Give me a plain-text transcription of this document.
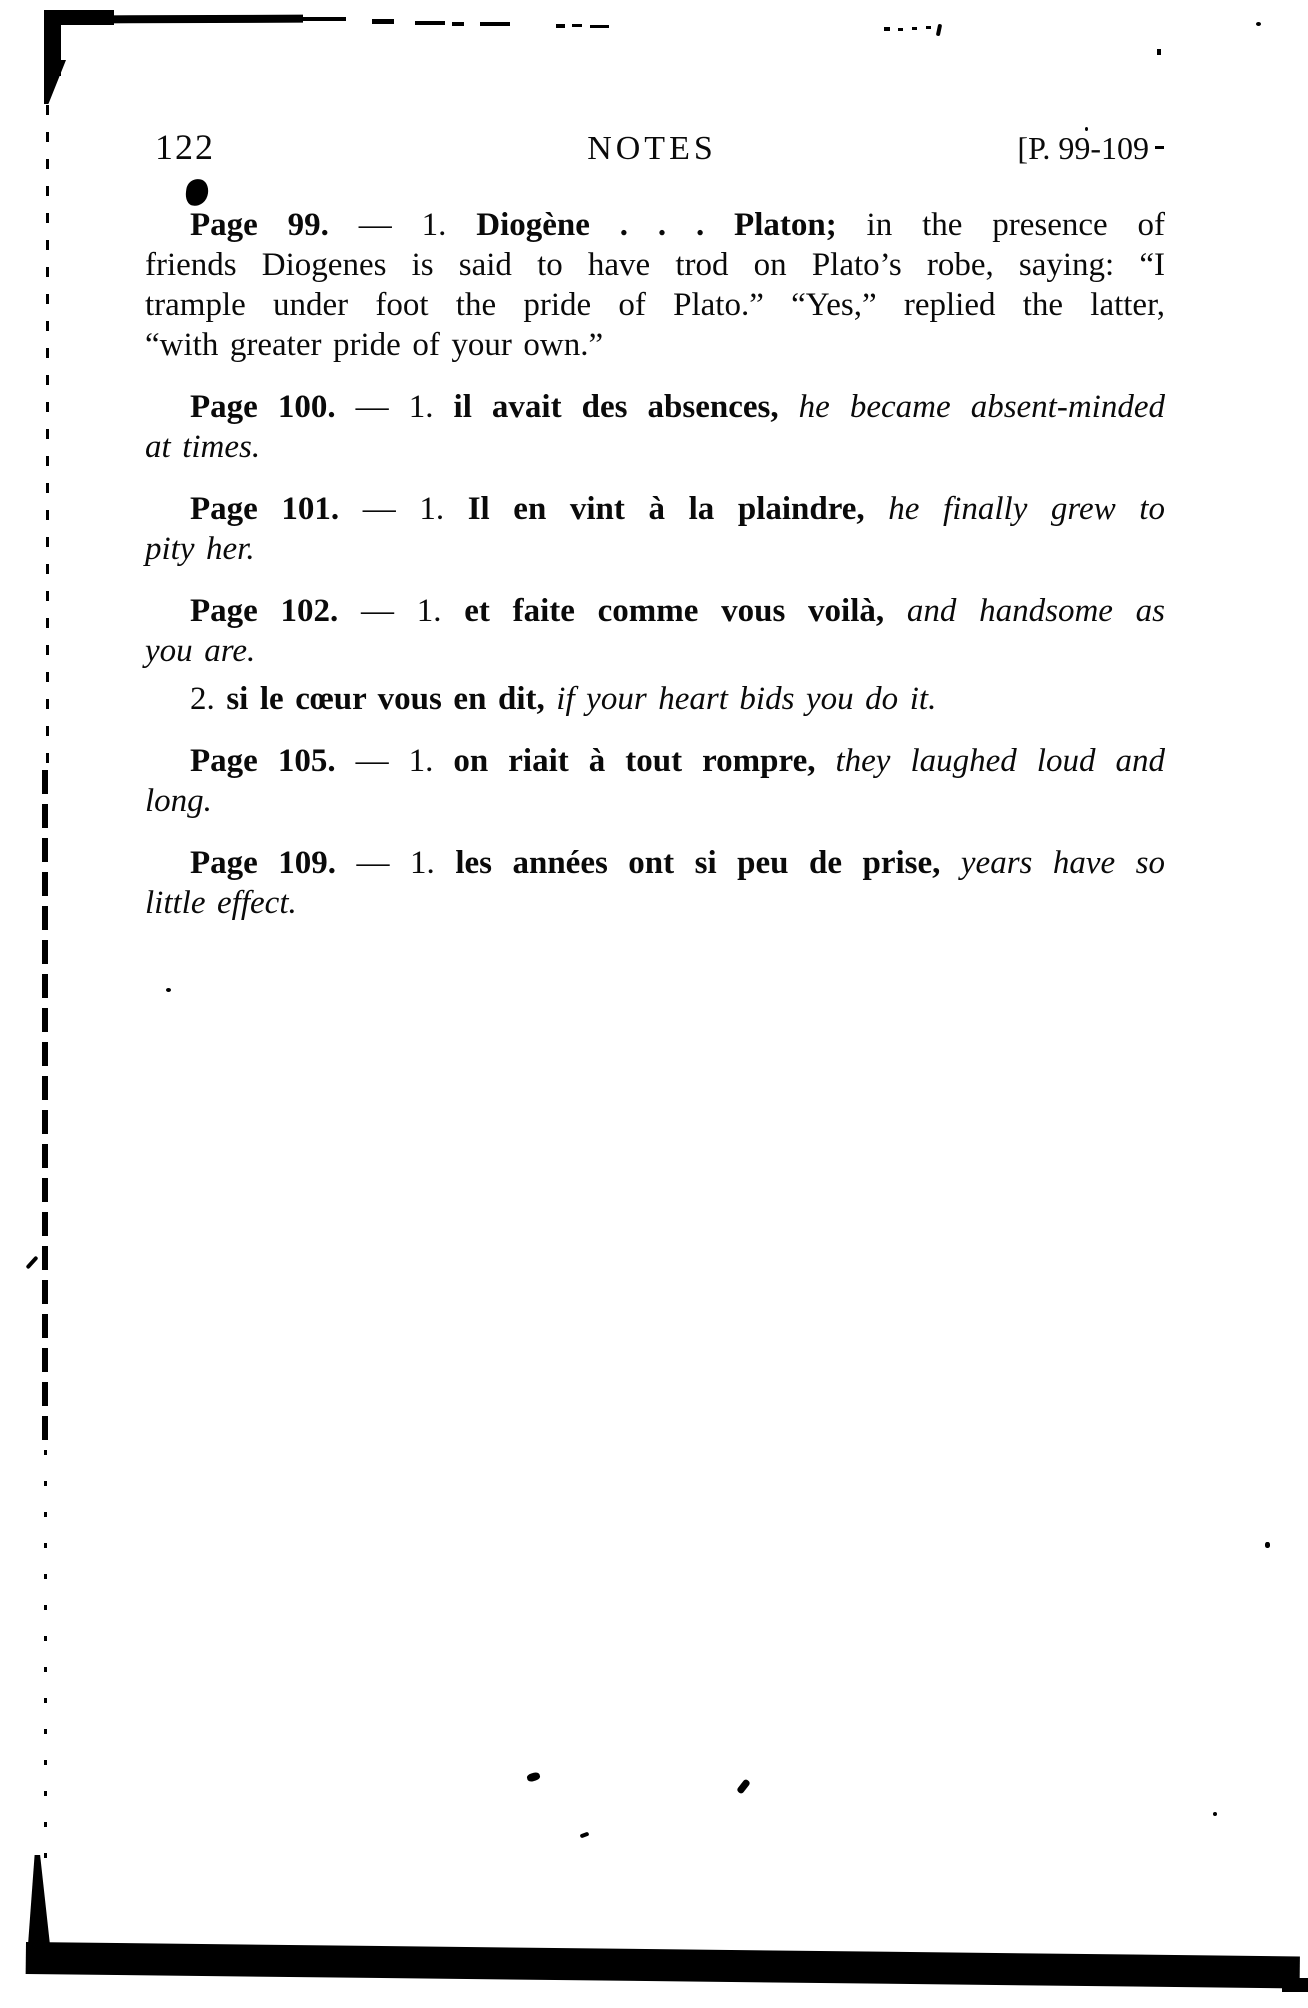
122	NOTES	[P. 99-109
Page 99. — 1. Diogène . . . Platon; in the presence of
friends Diogenes is said to have trod on Plato’s robe, saying: “I
trample under foot the pride of Plato.” “Yes,” replied the latter,
“with greater pride of your own.”
Page 100. — 1. il avait des absences, he became absent-minded
at times.
Page 101. — 1. Il en vint à la plaindre, he finally grew to
pity her.
Page 102. — 1. et faite comme vous voilà, and handsome as
you are.
2. si le cœur vous en dit, if your heart bids you do it.
Page 105. — 1. on riait à tout rompre, they laughed loud and
long.
Page 109. — 1. les années ont si peu de prise, years have so
little effect.
